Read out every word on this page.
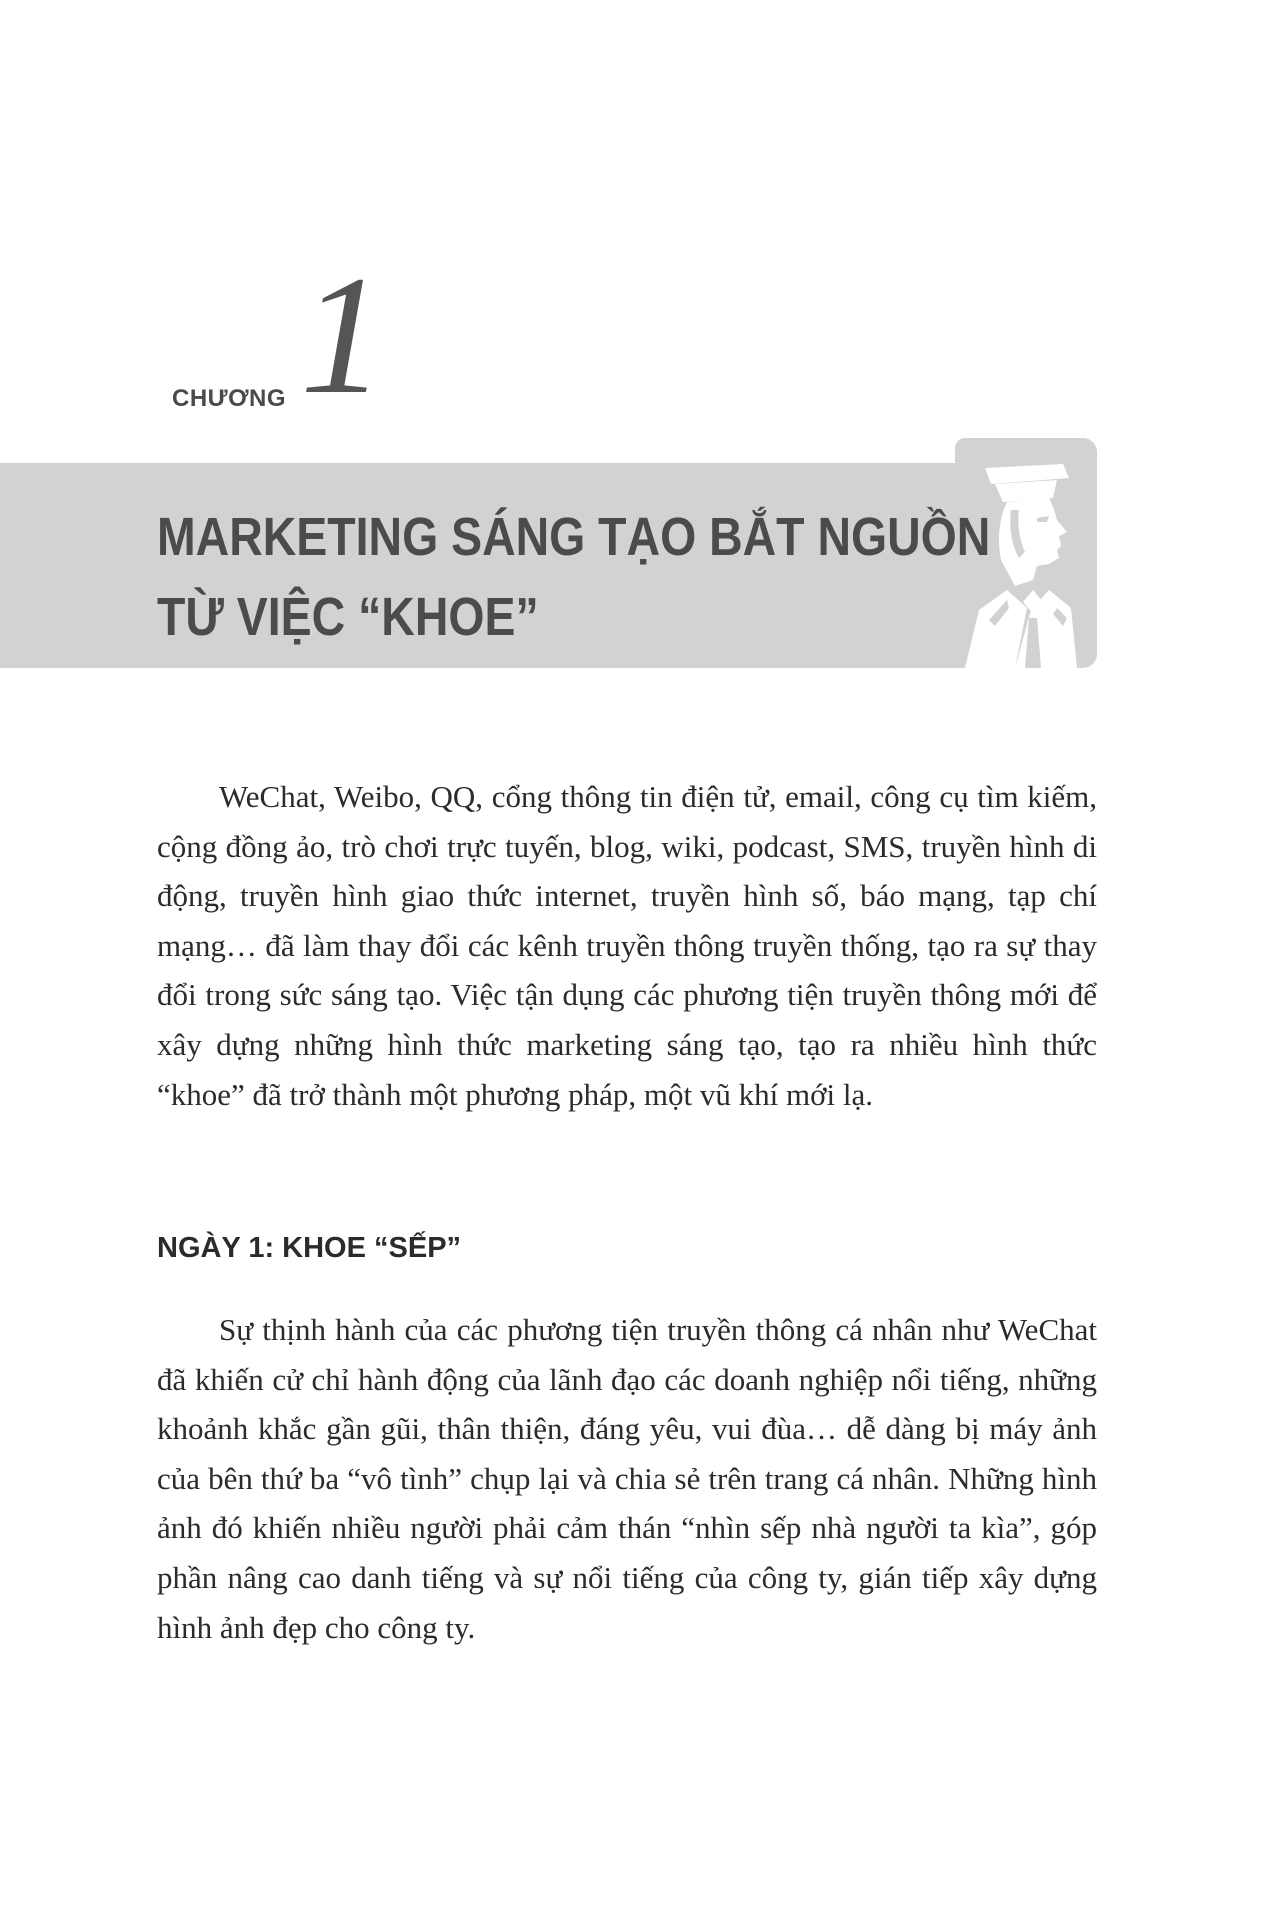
CHƯƠNG 1
MARKETING SÁNG TẠO BẮT NGUỒN
TỪ VIỆC “KHOE”

WeChat, Weibo, QQ, cổng thông tin điện tử, email, công cụ tìm kiếm, cộng đồng ảo, trò chơi trực tuyến, blog, wiki, podcast, SMS, truyền hình di động, truyền hình giao thức internet, truyền hình số, báo mạng, tạp chí mạng… đã làm thay đổi các kênh truyền thông truyền thống, tạo ra sự thay đổi trong sức sáng tạo. Việc tận dụng các phương tiện truyền thông mới để xây dựng những hình thức marketing sáng tạo, tạo ra nhiều hình thức “khoe” đã trở thành một phương pháp, một vũ khí mới lạ.

NGÀY 1: KHOE “SẾP”

Sự thịnh hành của các phương tiện truyền thông cá nhân như WeChat đã khiến cử chỉ hành động của lãnh đạo các doanh nghiệp nổi tiếng, những khoảnh khắc gần gũi, thân thiện, đáng yêu, vui đùa… dễ dàng bị máy ảnh của bên thứ ba “vô tình” chụp lại và chia sẻ trên trang cá nhân. Những hình ảnh đó khiến nhiều người phải cảm thán “nhìn sếp nhà người ta kìa”, góp phần nâng cao danh tiếng và sự nổi tiếng của công ty, gián tiếp xây dựng hình ảnh đẹp cho công ty.
